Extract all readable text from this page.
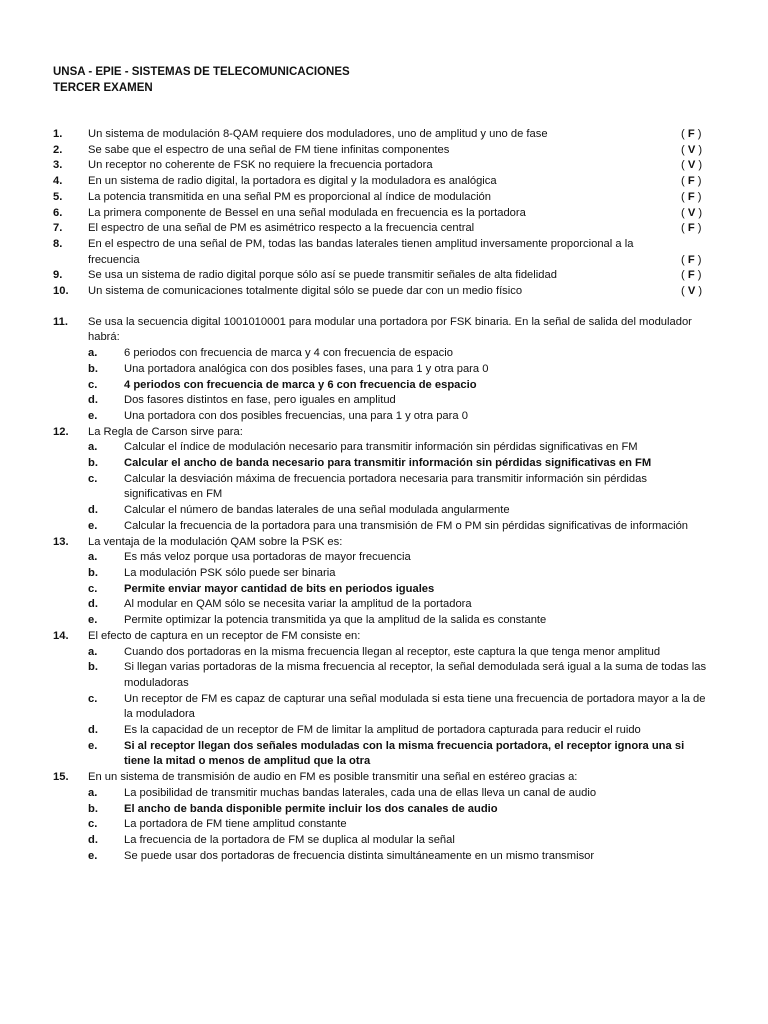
UNSA - EPIE - SISTEMAS DE TELECOMUNICACIONES
TERCER EXAMEN
1.	Un sistema de modulación 8-QAM requiere dos moduladores, uno de amplitud y uno de fase	( F )
2.	Se sabe que el espectro de una señal de FM tiene infinitas componentes	( V )
3.	Un receptor no coherente de FSK no requiere la frecuencia portadora	( V )
4.	En un sistema de radio digital, la portadora es digital y la moduladora es analógica	( F )
5.	La potencia transmitida en una señal PM es proporcional al índice de modulación	( F )
6.	La primera componente de Bessel en una señal modulada en frecuencia es la portadora	( V )
7.	El espectro de una señal de PM es asimétrico respecto a la frecuencia central	( F )
8.	En el espectro de una señal de PM, todas las bandas laterales tienen amplitud inversamente proporcional a la frecuencia	( F )
9.	Se usa un sistema de radio digital porque sólo así se puede transmitir señales de alta fidelidad	( F )
10.	Un sistema de comunicaciones totalmente digital sólo se puede dar con un medio físico	( V )
11.	Se usa la secuencia digital 1001010001 para modular una portadora por FSK binaria. En la señal de salida del modulador habrá:
a.	6 periodos con frecuencia de marca y 4 con frecuencia de espacio
b.	Una portadora analógica con dos posibles fases, una para 1 y otra para 0
c.	4 periodos con frecuencia de marca y 6 con frecuencia de espacio
d.	Dos fasores distintos en fase, pero iguales en amplitud
e.	Una portadora con dos posibles frecuencias, una para 1 y otra para 0
12.	La Regla de Carson sirve para:
a.	Calcular el índice de modulación necesario para transmitir información sin pérdidas significativas en FM
b.	Calcular el ancho de banda necesario para transmitir información sin pérdidas significativas en FM
c.	Calcular la desviación máxima de frecuencia portadora necesaria para transmitir información sin pérdidas significativas en FM
d.	Calcular el número de bandas laterales de una señal modulada angularmente
e.	Calcular la frecuencia de la portadora para una transmisión de FM o PM sin pérdidas significativas de información
13.	La ventaja de la modulación QAM sobre la PSK es:
a.	Es más veloz porque usa portadoras de mayor frecuencia
b.	La modulación PSK sólo puede ser binaria
c.	Permite enviar mayor cantidad de bits en periodos iguales
d.	Al modular en QAM sólo se necesita variar la amplitud de la portadora
e.	Permite optimizar la potencia transmitida ya que la amplitud de la salida es constante
14.	El efecto de captura en un receptor de FM consiste en:
a.	Cuando dos portadoras en la misma frecuencia llegan al receptor, este captura la que tenga menor amplitud
b.	Si llegan varias portadoras de la misma frecuencia al receptor, la señal demodulada será igual a la suma de todas las moduladoras
c.	Un receptor de FM es capaz de capturar una señal modulada si esta tiene una frecuencia de portadora mayor a la de la moduladora
d.	Es la capacidad de un receptor de FM de limitar la amplitud de portadora capturada para reducir el ruido
e.	Si al receptor llegan dos señales moduladas con la misma frecuencia portadora, el receptor ignora una si tiene la mitad o menos de amplitud que la otra
15.	En un sistema de transmisión de audio en FM es posible transmitir una señal en estéreo gracias a:
a.	La posibilidad de transmitir muchas bandas laterales, cada una de ellas lleva un canal de audio
b.	El ancho de banda disponible permite incluir los dos canales de audio
c.	La portadora de FM tiene amplitud constante
d.	La frecuencia de la portadora de FM se duplica al modular la señal
e.	Se puede usar dos portadoras de frecuencia distinta simultáneamente en un mismo transmisor
